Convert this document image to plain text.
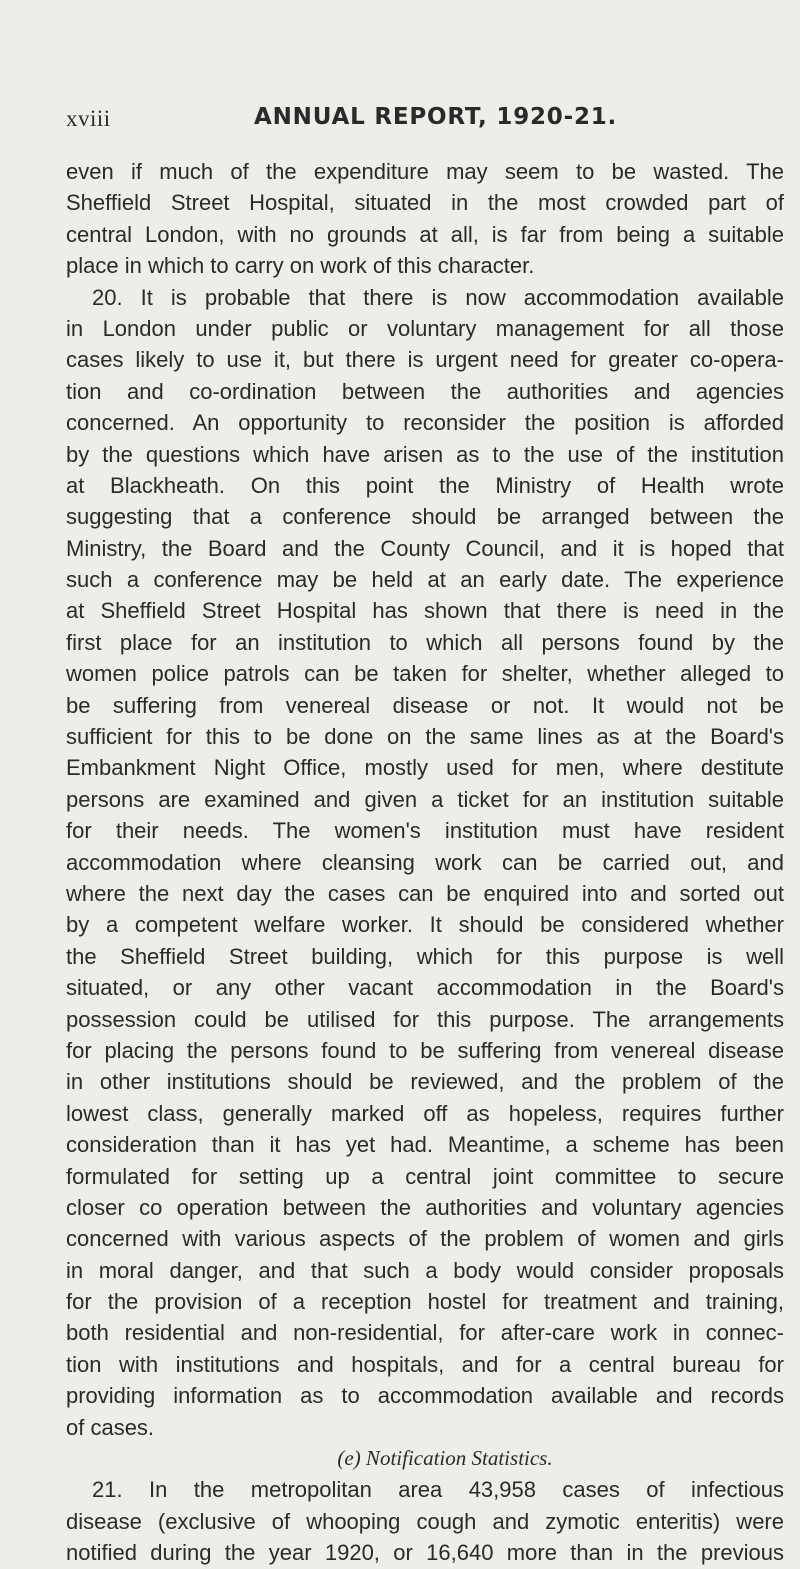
xviii	ANNUAL REPORT, 1920-21.
even if much of the expenditure may seem to be wasted. The
Sheffield Street Hospital, situated in the most crowded part of
central London, with no grounds at all, is far from being a suitable
place in which to carry on work of this character.
20. It is probable that there is now accommodation available
in London under public or voluntary management for all those
cases likely to use it, but there is urgent need for greater co-opera-
tion and co-ordination between the authorities and agencies
concerned. An opportunity to reconsider the position is afforded
by the questions which have arisen as to the use of the institution
at Blackheath. On this point the Ministry of Health wrote
suggesting that a conference should be arranged between the
Ministry, the Board and the County Council, and it is hoped that
such a conference may be held at an early date. The experience
at Sheffield Street Hospital has shown that there is need in the
first place for an institution to which all persons found by the
women police patrols can be taken for shelter, whether alleged to
be suffering from venereal disease or not. It would not be
sufficient for this to be done on the same lines as at the Board's
Embankment Night Office, mostly used for men, where destitute
persons are examined and given a ticket for an institution suitable
for their needs. The women's institution must have resident
accommodation where cleansing work can be carried out, and
where the next day the cases can be enquired into and sorted out
by a competent welfare worker. It should be considered whether
the Sheffield Street building, which for this purpose is well
situated, or any other vacant accommodation in the Board's
possession could be utilised for this purpose. The arrangements
for placing the persons found to be suffering from venereal disease
in other institutions should be reviewed, and the problem of the
lowest class, generally marked off as hopeless, requires further
consideration than it has yet had. Meantime, a scheme has been
formulated for setting up a central joint committee to secure
closer co operation between the authorities and voluntary agencies
concerned with various aspects of the problem of women and girls
in moral danger, and that such a body would consider proposals
for the provision of a reception hostel for treatment and training,
both residential and non-residential, for after-care work in connec-
tion with institutions and hospitals, and for a central bureau for
providing information as to accommodation available and records
of cases.
(e) Notification Statistics.
21. In the metropolitan area 43,958 cases of infectious
disease (exclusive of whooping cough and zymotic enteritis) were
notified during the year 1920, or 16,640 more than in the previous
